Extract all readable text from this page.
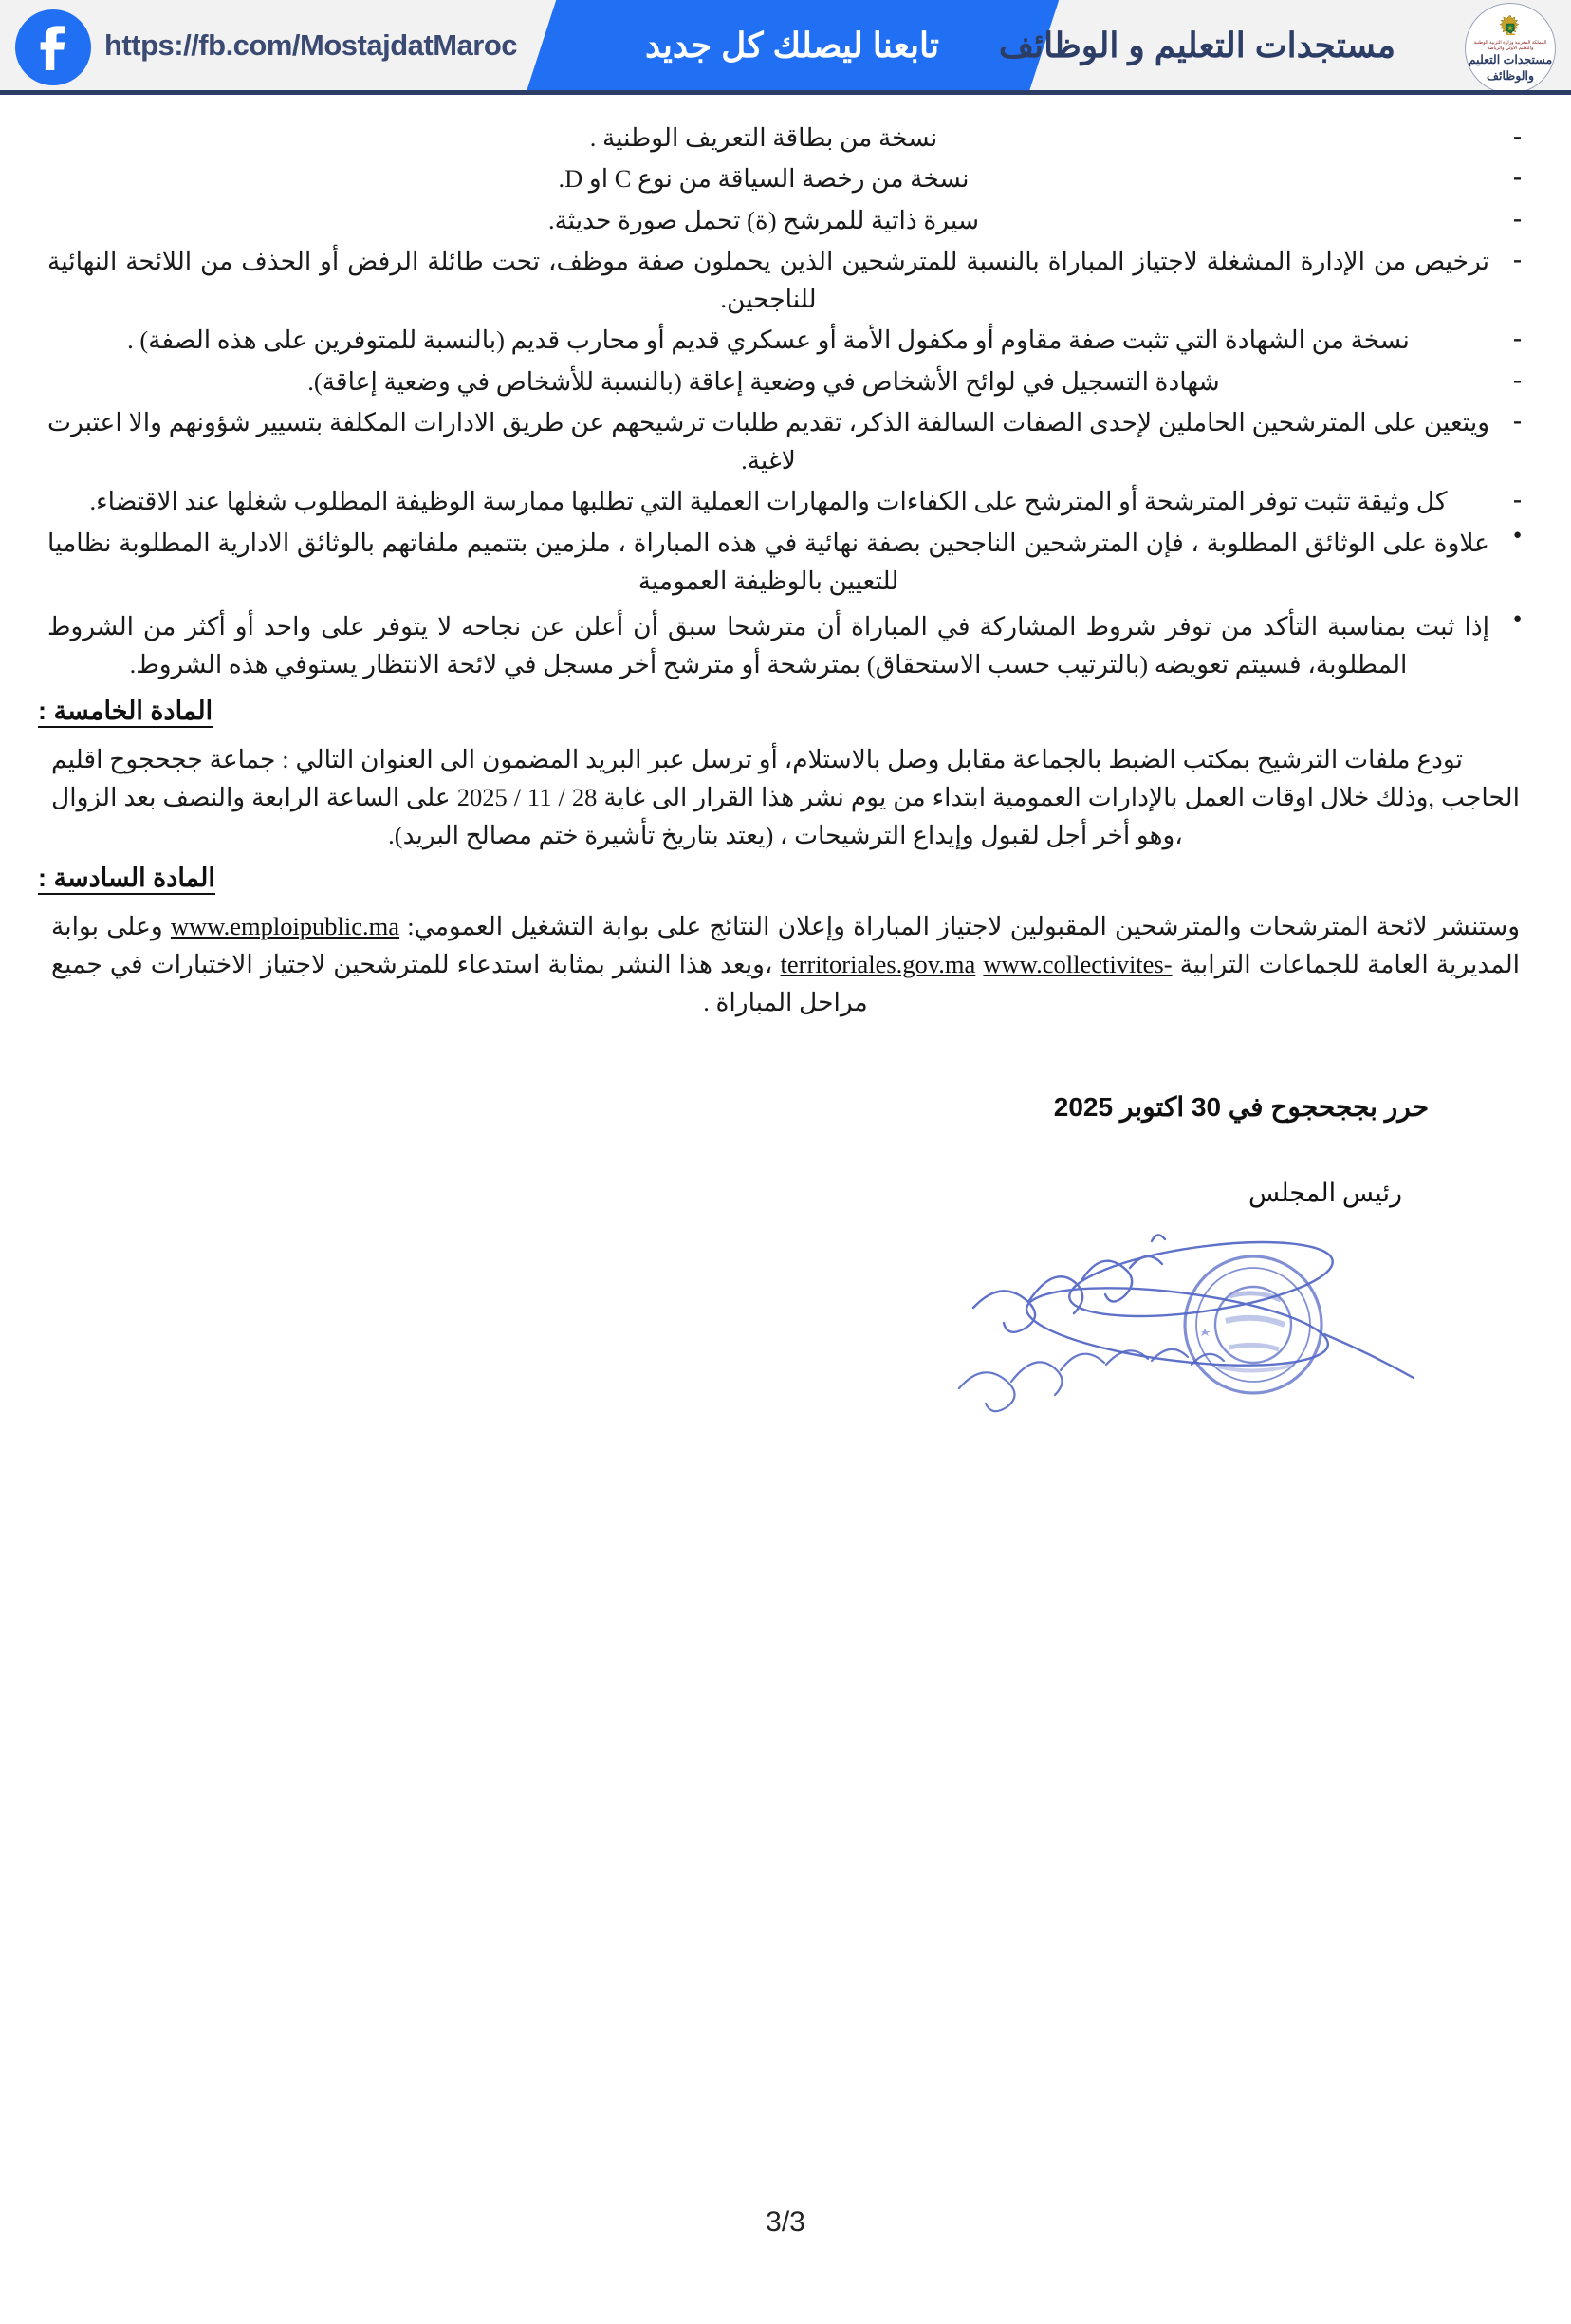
https://fb.com/MostajdatMaroc	تابعنا ليصلك كل جديد	مستجدات التعليم و الوظائف	المملكة المغربية وزارة التربية الوطنية والتعليم الأولي والرياضة
مستجدات التعليم
والوظائف
- نسخة من بطاقة التعريف الوطنية .
- نسخة من رخصة السياقة من نوع C او D.
- سيرة ذاتية للمرشح (ة) تحمل صورة حديثة.
- ترخيص من الإدارة المشغلة لاجتياز المباراة بالنسبة للمترشحين الذين يحملون صفة موظف، تحت طائلة الرفض أو الحذف من اللائحة النهائية للناجحين.
- نسخة من الشهادة التي تثبت صفة مقاوم أو مكفول الأمة أو عسكري قديم أو محارب قديم (بالنسبة للمتوفرين على هذه الصفة) .
- شهادة التسجيل في لوائح الأشخاص في وضعية إعاقة (بالنسبة للأشخاص في وضعية إعاقة).
- ويتعين على المترشحين الحاملين لإحدى الصفات السالفة الذكر، تقديم طلبات ترشيحهم عن طريق الادارات المكلفة بتسيير شؤونهم والا اعتبرت لاغية.
- كل وثيقة تثبت توفر المترشحة أو المترشح على الكفاءات والمهارات العملية التي تطلبها ممارسة الوظيفة المطلوب شغلها عند الاقتضاء.
● علاوة على الوثائق المطلوبة ، فإن المترشحين الناجحين بصفة نهائية في هذه المباراة ، ملزمين بتتميم ملفاتهم بالوثائق الادارية المطلوبة نظاميا للتعيين بالوظيفة العمومية
● إذا ثبت بمناسبة التأكد من توفر شروط المشاركة في المباراة أن مترشحا سبق أن أعلن عن نجاحه لا يتوفر على واحد أو أكثر من الشروط المطلوبة، فسيتم تعويضه (بالترتيب حسب الاستحقاق) بمترشحة أو مترشح أخر مسجل في لائحة الانتظار يستوفي هذه الشروط.
المادة الخامسة :
تودع ملفات الترشيح بمكتب الضبط بالجماعة مقابل وصل بالاستلام، أو ترسل عبر البريد المضمون الى العنوان التالي : جماعة ججحجوح اقليم الحاجب ,وذلك خلال اوقات العمل بالإدارات العمومية ابتداء من يوم نشر هذا القرار الى غاية 28 / 11 / 2025 على الساعة الرابعة والنصف بعد الزوال ،وهو أخر أجل لقبول وإيداع الترشيحات ، (يعتد بتاريخ تأشيرة ختم مصالح البريد).
المادة السادسة :
وستنشر لائحة المترشحات والمترشحين المقبولين لاجتياز المباراة وإعلان النتائج على بوابة التشغيل العمومي: www.emploipublic.ma وعلى بوابة المديرية العامة للجماعات الترابية www.collectivites- territoriales.gov.ma ،ويعد هذا النشر بمثابة استدعاء للمترشحين لاجتياز الاختبارات في جميع مراحل المباراة .
حرر بججحجوح في 30 اكتوبر 2025
رئيس المجلس
3/3
